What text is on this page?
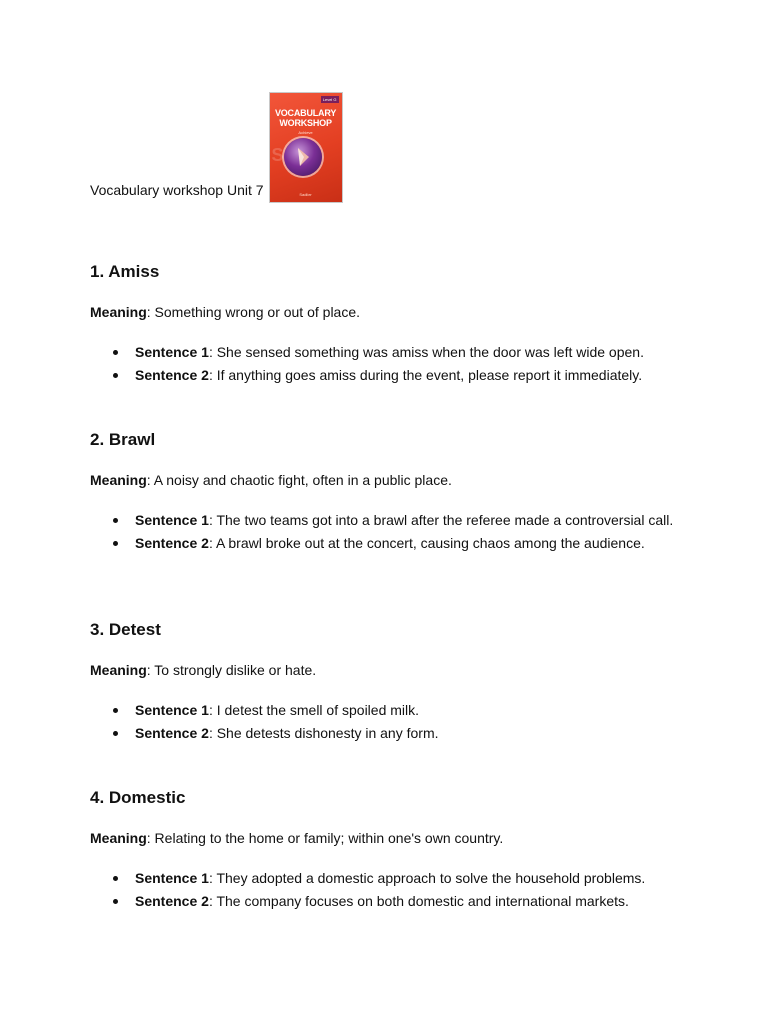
Vocabulary workshop Unit 7
Level G
VOCABULARY
WORKSHOP
Achieve
S
Sadlier
1. Amiss
Meaning: Something wrong or out of place.
Sentence 1: She sensed something was amiss when the door was left wide open.
Sentence 2: If anything goes amiss during the event, please report it immediately.
2. Brawl
Meaning: A noisy and chaotic fight, often in a public place.
Sentence 1: The two teams got into a brawl after the referee made a controversial call.
Sentence 2: A brawl broke out at the concert, causing chaos among the audience.
3. Detest
Meaning: To strongly dislike or hate.
Sentence 1: I detest the smell of spoiled milk.
Sentence 2: She detests dishonesty in any form.
4. Domestic
Meaning: Relating to the home or family; within one's own country.
Sentence 1: They adopted a domestic approach to solve the household problems.
Sentence 2: The company focuses on both domestic and international markets.
